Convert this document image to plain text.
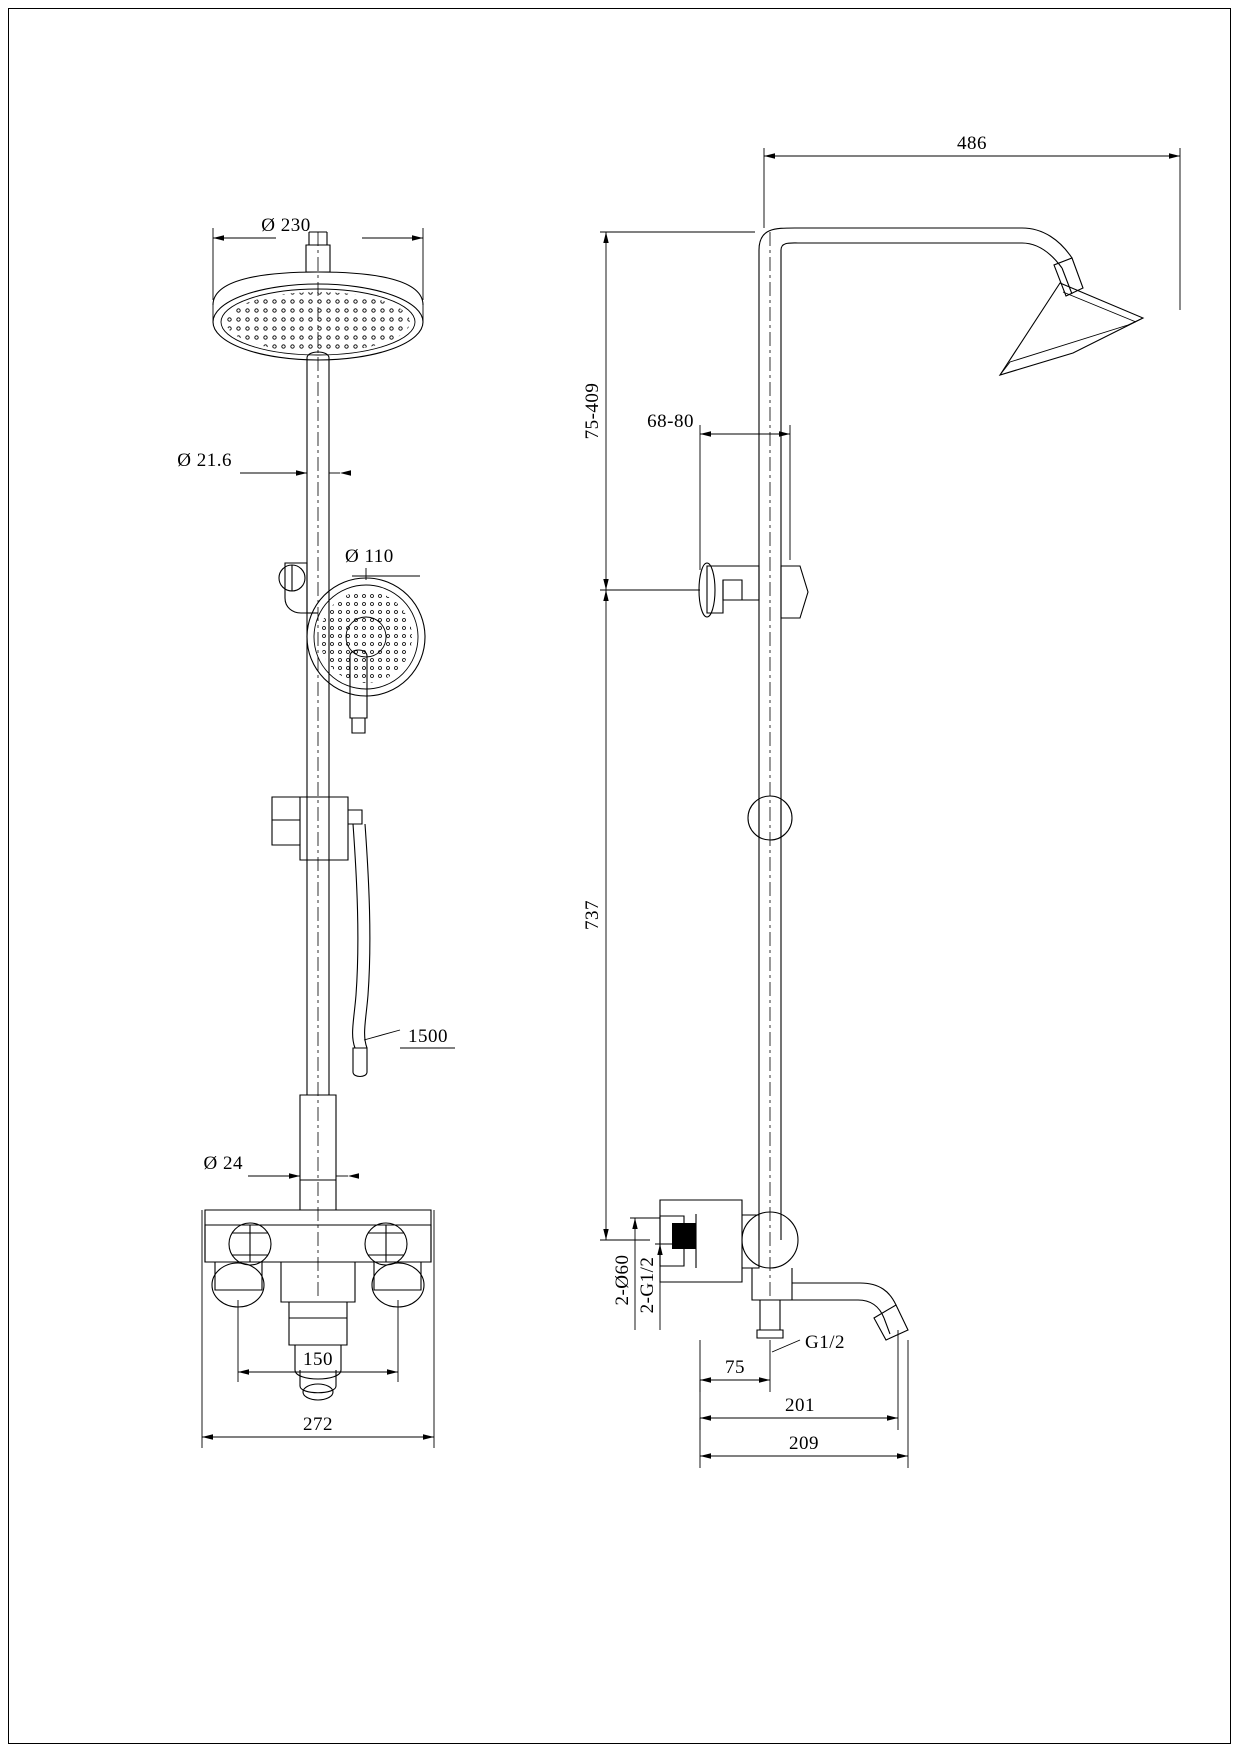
Ø 230
Ø 21.6
Ø 110
1500
Ø 24
150
272
486
75-409 68-80
737
2-Ø60 2-G1/2
G1/2
75
201
209
